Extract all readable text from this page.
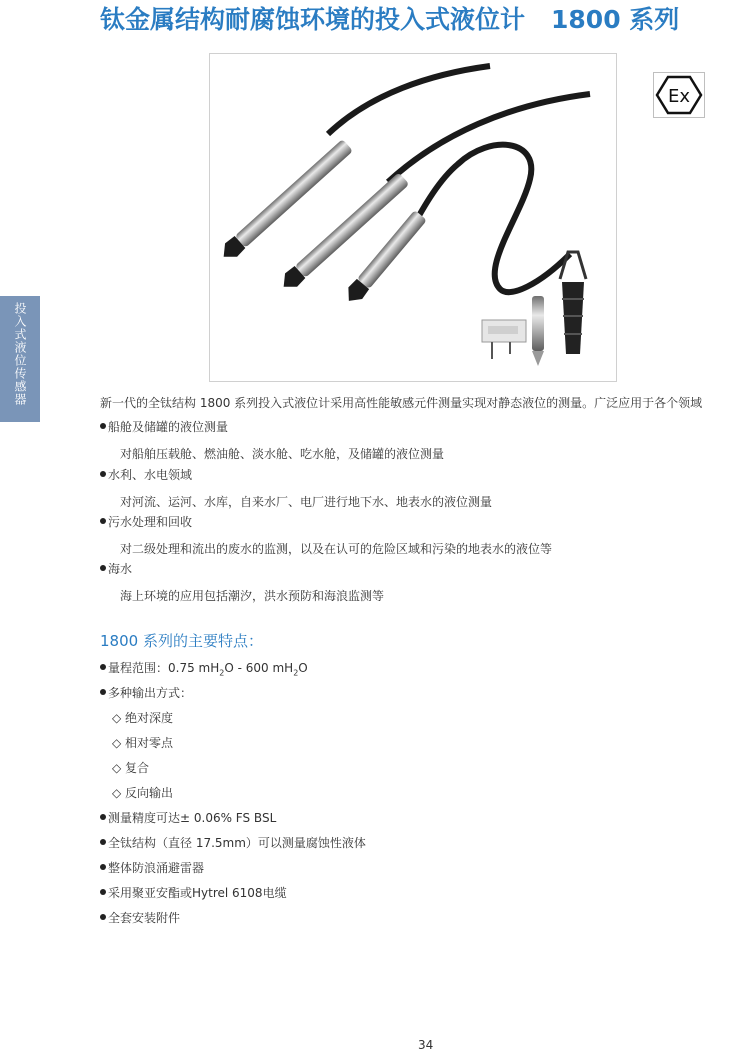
钛金属结构耐腐蚀环境的投入式液位计 1800 系列
Ex
投入式液位传感器	新一代的全钛结构 1800 系列投入式液位计采用高性能敏感元件测量实现对静态液位的测量。广泛应用于各个领域
船舱及储罐的液位测量
对船舶压载舱、燃油舱、淡水舱、吃水舱，及储罐的液位测量
水利、水电领域
对河流、运河、水库，自来水厂、电厂进行地下水、地表水的液位测量
污水处理和回收
对二级处理和流出的废水的监测，以及在认可的危险区域和污染的地表水的液位等
海水
海上环境的应用包括潮汐，洪水预防和海浪监测等
1800 系列的主要特点：
量程范围：0.75 $mH_2O - 600$ $mH_2O$
多种输出方式：
◇ 绝对深度
◇ 相对零点
◇ 复合
◇ 反向输出
测量精度可达± 0.06% FS BSL
全钛结构（直径 17.5mm）可以测量腐蚀性液体
整体防浪涌避雷器
采用聚亚安酯或Hytrel 6108电缆
全套安装附件
34
